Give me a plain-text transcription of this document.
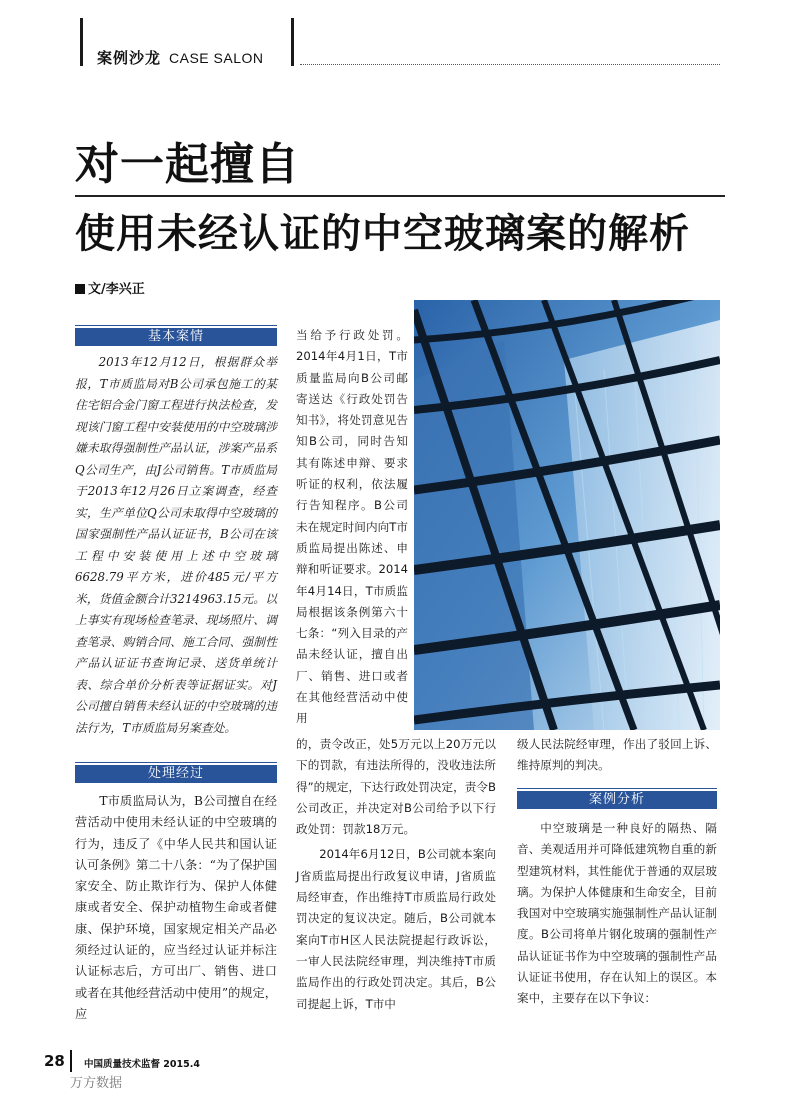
案例沙龙 CASE SALON
对一起擅自
使用未经认证的中空玻璃案的解析
文/李兴正
基本案情

2013年12月12日，根据群众举报，T市质监局对B公司承包施工的某住宅铝合金门窗工程进行执法检查，发现该门窗工程中安装使用的中空玻璃涉嫌未取得强制性产品认证，涉案产品系Q公司生产，由J公司销售。T市质监局于2013年12月26日立案调查，经查实，生产单位Q公司未取得中空玻璃的国家强制性产品认证证书，B公司在该工程中安装使用上述中空玻璃6628.79平方米，进价485元/平方米，货值金额合计3214963.15元。以上事实有现场检查笔录、现场照片、调查笔录、购销合同、施工合同、强制性产品认证证书查询记录、送货单统计表、综合单价分析表等证据证实。对J公司擅自销售未经认证的中空玻璃的违法行为，T市质监局另案查处。

处理经过

T市质监局认为，B公司擅自在经营活动中使用未经认证的中空玻璃的行为，违反了《中华人民共和国认证认可条例》第二十八条：“为了保护国家安全、防止欺诈行为、保护人体健康或者安全、保护动植物生命或者健康、保护环境，国家规定相关产品必须经过认证的，应当经过认证并标注认证标志后，方可出厂、销售、进口或者在其他经营活动中使用”的规定，应

当给予行政处罚。2014年4月1日，T市质量监局向B公司邮寄送达《行政处罚告知书》，将处罚意见告知B公司，同时告知其有陈述申辩、要求听证的权利，依法履行告知程序。B公司未在规定时间内向T市质监局提出陈述、申辩和听证要求。2014年4月14日，T市质监局根据该条例第六十七条：“列入目录的产品未经认证，擅自出厂、销售、进口或者在其他经营活动中使用

的，责令改正，处5万元以上20万元以下的罚款，有违法所得的，没收违法所得”的规定，下达行政处罚决定，责令B公司改正，并决定对B公司给予以下行政处罚：罚款18万元。

2014年6月12日，B公司就本案向J省质监局提出行政复议申请，J省质监局经审查，作出维持T市质监局行政处罚决定的复议决定。随后，B公司就本案向T市H区人民法院提起行政诉讼，一审人民法院经审理，判决维持T市质监局作出的行政处罚决定。其后，B公司提起上诉，T市中

级人民法院经审理，作出了驳回上诉、维持原判的判决。

案例分析

中空玻璃是一种良好的隔热、隔音、美观适用并可降低建筑物自重的新型建筑材料，其性能优于普通的双层玻璃。为保护人体健康和生命安全，目前我国对中空玻璃实施强制性产品认证制度。B公司将单片钢化玻璃的强制性产品认证证书作为中空玻璃的强制性产品认证证书使用，存在认知上的误区。本案中，主要存在以下争议：

28 中国质量技术监督 2015.4
万方数据
